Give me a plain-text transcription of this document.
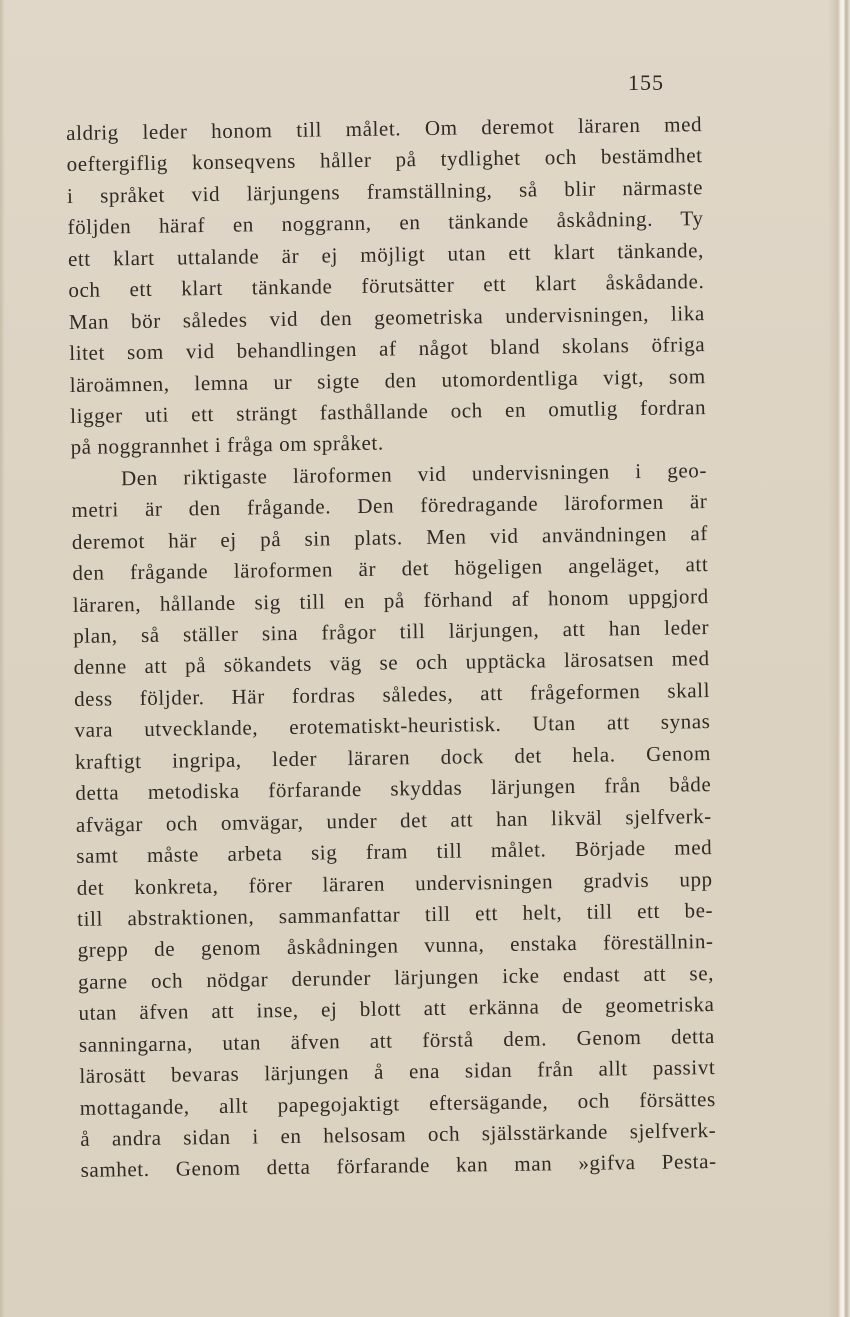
155

aldrig leder honom till målet. Om deremot läraren med

oeftergiflig konseqvens håller på tydlighet och bestämdhet

i språket vid lärjungens framställning, så blir närmaste

följden häraf en noggrann, en tänkande åskådning. Ty

ett klart uttalande är ej möjligt utan ett klart tänkande,

och ett klart tänkande förutsätter ett klart åskådande.

Man bör således vid den geometriska undervisningen, lika

litet som vid behandlingen af något bland skolans öfriga

läroämnen, lemna ur sigte den utomordentliga vigt, som

ligger uti ett strängt fasthållande och en omutlig fordran

på noggrannhet i fråga om språket.

Den riktigaste läroformen vid undervisningen i geo-

metri är den frågande. Den föredragande läroformen är

deremot här ej på sin plats. Men vid användningen af

den frågande läroformen är det högeligen angeläget, att

läraren, hållande sig till en på förhand af honom uppgjord

plan, så ställer sina frågor till lärjungen, att han leder

denne att på sökandets väg se och upptäcka lärosatsen med

dess följder. Här fordras således, att frågeformen skall

vara utvecklande, erotematiskt-heuristisk. Utan att synas

kraftigt ingripa, leder läraren dock det hela. Genom

detta metodiska förfarande skyddas lärjungen från både

afvägar och omvägar, under det att han likväl sjelfverk-

samt måste arbeta sig fram till målet. Började med

det konkreta, förer läraren undervisningen gradvis upp

till abstraktionen, sammanfattar till ett helt, till ett be-

grepp de genom åskådningen vunna, enstaka föreställnin-

garne och nödgar derunder lärjungen icke endast att se,

utan äfven att inse, ej blott att erkänna de geometriska

sanningarna, utan äfven att förstå dem. Genom detta

lärosätt bevaras lärjungen å ena sidan från allt passivt

mottagande, allt papegojaktigt eftersägande, och försättes

å andra sidan i en helsosam och själsstärkande sjelfverk-

samhet. Genom detta förfarande kan man »gifva Pesta-
